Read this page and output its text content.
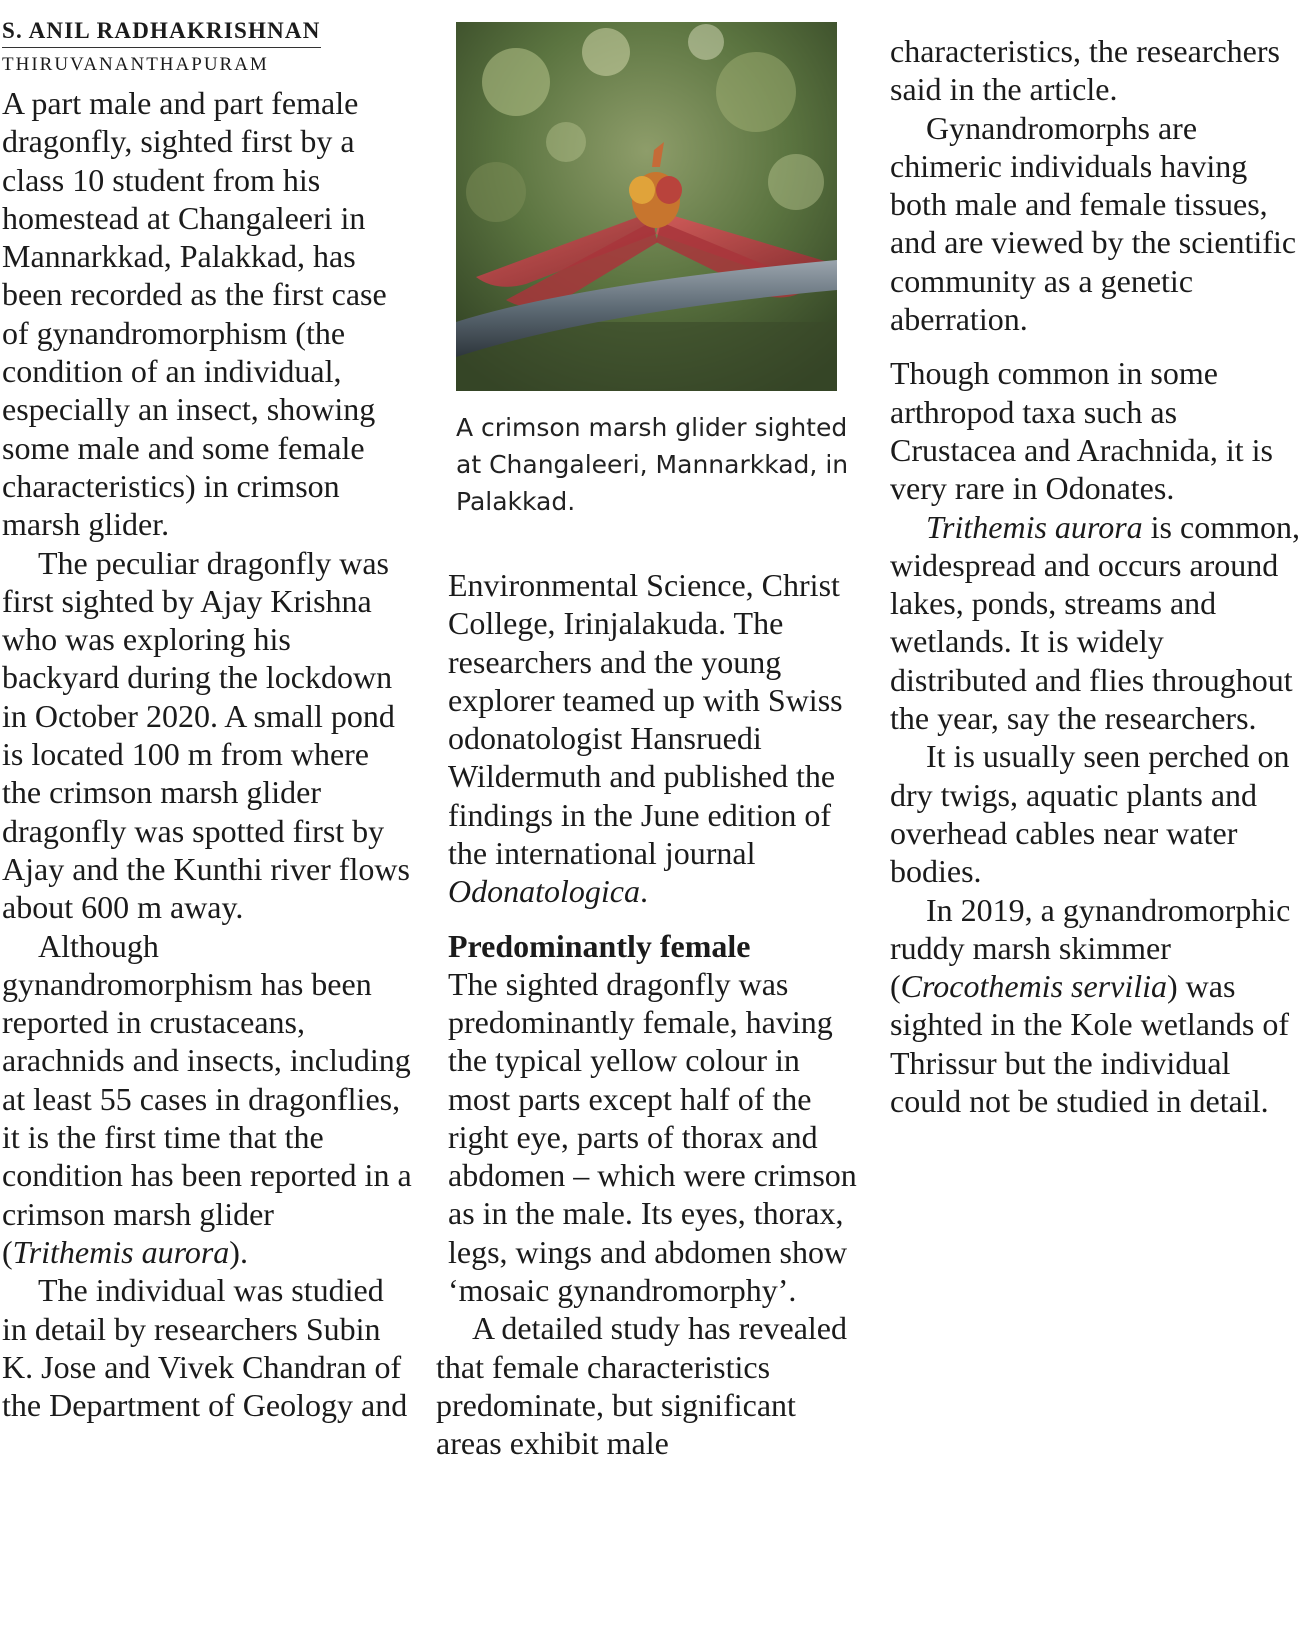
S. ANIL RADHAKRISHNAN
THIRUVANANTHAPURAM

A part male and part female dragonfly, sighted first by a class 10 student from his homestead at Changaleeri in Mannarkkad, Palakkad, has been recorded as the first case of gynandromorphism (the condition of an individual, especially an insect, showing some male and some female characteristics) in crimson marsh glider.

The peculiar dragonfly was first sighted by Ajay Krishna who was exploring his backyard during the lockdown in October 2020. A small pond is located 100 m from where the crimson marsh glider dragonfly was spotted first by Ajay and the Kunthi river flows about 600 m away.

Although gynandromorphism has been reported in crustaceans, arachnids and insects, including at least 55 cases in dragonflies, it is the first time that the condition has been reported in a crimson marsh glider (Trithemis aurora).

The individual was studied in detail by researchers Subin K. Jose and Vivek Chandran of the Department of Geology and

A crimson marsh glider sighted at Changaleeri, Mannarkkad, in Palakkad.

Environmental Science, Christ College, Irinjalakuda. The researchers and the young explorer teamed up with Swiss odonatologist Hansruedi Wildermuth and published the findings in the June edition of the international journal Odonatologica.

Predominantly female

The sighted dragonfly was predominantly female, having the typical yellow colour in most parts except half of the right eye, parts of thorax and abdomen – which were crimson as in the male. Its eyes, thorax, legs, wings and abdomen show ‘mosaic gynandromorphy’.

A detailed study has revealed that female characteristics predominate, but significant areas exhibit male

characteristics, the researchers said in the article.

Gynandromorphs are chimeric individuals having both male and female tissues, and are viewed by the scientific community as a genetic aberration.

Though common in some arthropod taxa such as Crustacea and Arachnida, it is very rare in Odonates.

Trithemis aurora is common, widespread and occurs around lakes, ponds, streams and wetlands. It is widely distributed and flies throughout the year, say the researchers.

It is usually seen perched on dry twigs, aquatic plants and overhead cables near water bodies.

In 2019, a gynandromorphic ruddy marsh skimmer (Crocothemis servilia) was sighted in the Kole wetlands of Thrissur but the individual could not be studied in detail.
